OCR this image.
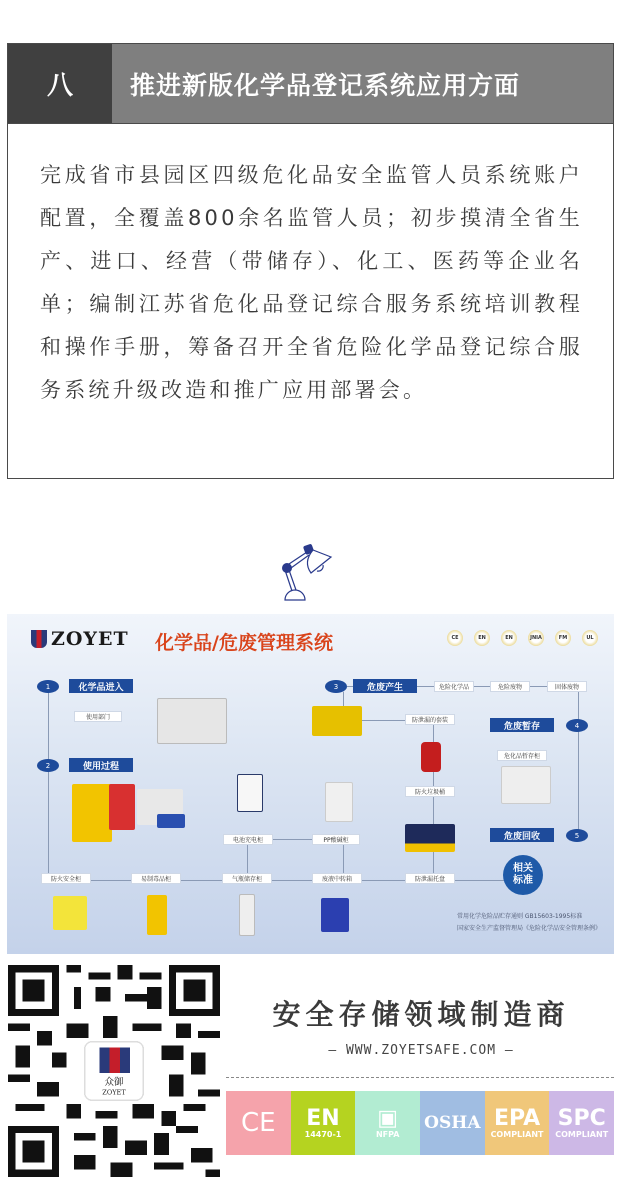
八	推进新版化学品登记系统应用方面
完成省市县园区四级危化品安全监管人员系统账户配置，全覆盖800余名监管人员；初步摸清全省生产、进口、经营（带储存）、化工、医药等企业名单；编制江苏省危化品登记综合服务系统培训教程和操作手册，筹备召开全省危险化学品登记综合服务系统升级改造和推广应用部署会。
ZOYET 化学品/危废管理系统	CE	EN	EN	JNIA	FM	UL
1	化学品进入
2	使用过程
3	危废产生
4
危废暂存
5
危废回收
使用部门
危险化学品	危险废物	固体废物
防泄漏的套装
防火垃圾桶
危化品暂存柜
电池充电柜	PP酸碱柜
防火安全柜	易制毒品柜	气瓶储存柜	废液中转箱	防泄漏托盘
相关
标准
常用化学危险品贮存通则 GB15603-1995标准
国家安全生产监督管理局《危险化学品安全管理条例》
众御
安全存储领域制造商
— WWW.ZOYETSAFE.COM —
CE EN
14470-1
▣
NFPA
OSHA EPA
COMPLIANT
SPC
COMPLIANT
